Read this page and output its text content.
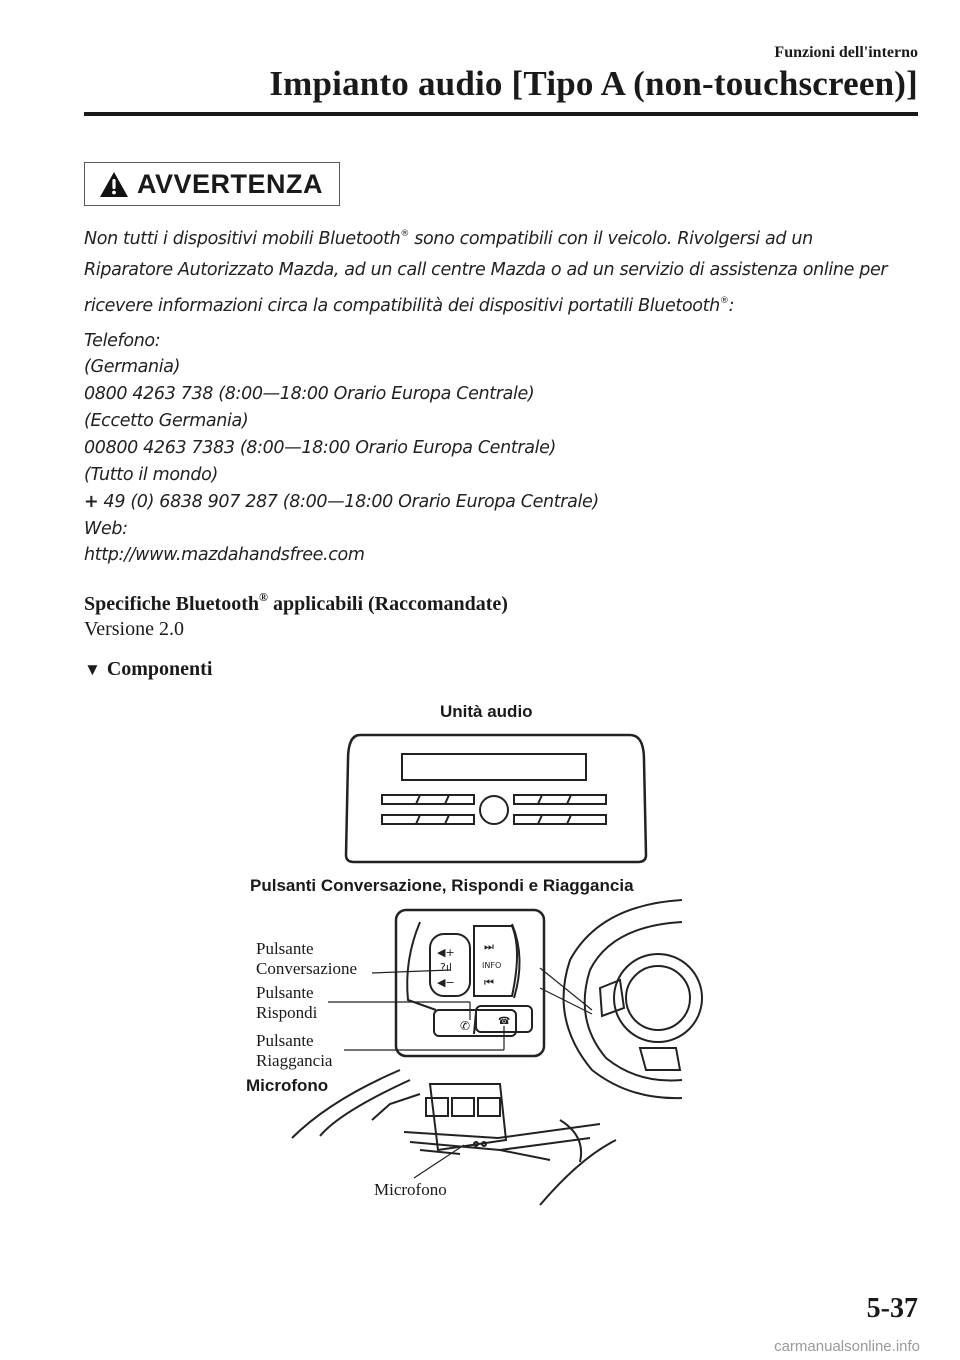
Funzioni dell'interno
Impianto audio [Tipo A (non-touchscreen)]
AVVERTENZA
Non tutti i dispositivi mobili Bluetooth® sono compatibili con il veicolo. Rivolgersi ad un Riparatore Autorizzato Mazda, ad un call centre Mazda o ad un servizio di assistenza online per ricevere informazioni circa la compatibilità dei dispositivi portatili Bluetooth®:
Telefono:
(Germania)
0800 4263 738 (8:00—18:00 Orario Europa Centrale)
(Eccetto Germania)
00800 4263 7383 (8:00—18:00 Orario Europa Centrale)
(Tutto il mondo)
+ 49 (0) 6838 907 287 (8:00—18:00 Orario Europa Centrale)
Web:
http://www.mazdahandsfree.com
Specifiche Bluetooth® applicabili (Raccomandate)
Versione 2.0
▼ Componenti
Unità audio
Pulsanti Conversazione, Rispondi e Riaggancia
Pulsante
Conversazione
Pulsante
Rispondi
Pulsante
Riaggancia
Microfono
Microfono
◀+
◀−
?ıl
⏭
INFO
⏮
✆	☎
5-37
carmanualsonline.info
